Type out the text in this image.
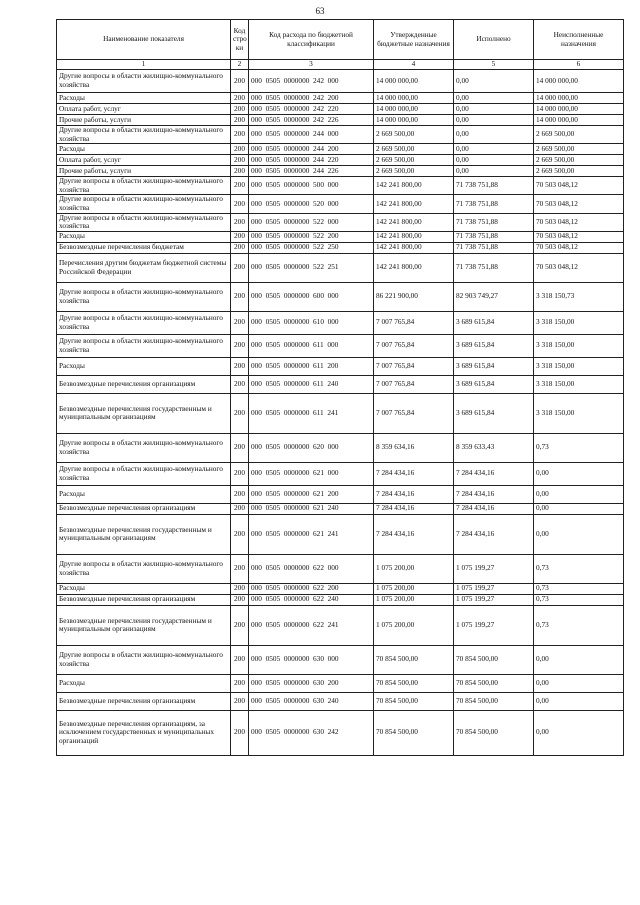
63
Наименование показателя	Код стро ки	Код расхода по бюджетной классификации	Утвержденные бюджетные назначения	Исполнено	Неисполненные назначения
1	2	3	4	5	6
Другие вопросы в области жилищно-коммунального хозяйства	200	000  0505  0000000  242  000	14 000 000,00	0,00	14 000 000,00
Расходы	200	000  0505  0000000  242  200	14 000 000,00	0,00	14 000 000,00
Оплата работ, услуг	200	000  0505  0000000  242  220	14 000 000,00	0,00	14 000 000,00
Прочие работы, услуги	200	000  0505  0000000  242  226	14 000 000,00	0,00	14 000 000,00
Другие вопросы в области жилищно-коммунального хозяйства	200	000  0505  0000000  244  000	2 669 500,00	0,00	2 669 500,00
Расходы	200	000  0505  0000000  244  200	2 669 500,00	0,00	2 669 500,00
Оплата работ, услуг	200	000  0505  0000000  244  220	2 669 500,00	0,00	2 669 500,00
Прочие работы, услуги	200	000  0505  0000000  244  226	2 669 500,00	0,00	2 669 500,00
Другие вопросы в области жилищно-коммунального хозяйства	200	000  0505  0000000  500  000	142 241 800,00	71 738 751,88	70 503 048,12
Другие вопросы в области жилищно-коммунального хозяйства	200	000  0505  0000000  520  000	142 241 800,00	71 738 751,88	70 503 048,12
Другие вопросы в области жилищно-коммунального хозяйства	200	000  0505  0000000  522  000	142 241 800,00	71 738 751,88	70 503 048,12
Расходы	200	000  0505  0000000  522  200	142 241 800,00	71 738 751,88	70 503 048,12
Безвозмездные перечисления бюджетам	200	000  0505  0000000  522  250	142 241 800,00	71 738 751,88	70 503 048,12
Перечисления другим бюджетам бюджетной системы Российской Федерации	200	000  0505  0000000  522  251	142 241 800,00	71 738 751,88	70 503 048,12
Другие вопросы в области жилищно-коммунального хозяйства	200	000  0505  0000000  600  000	86 221 900,00	82 903 749,27	3 318 150,73
Другие вопросы в области жилищно-коммунального хозяйства	200	000  0505  0000000  610  000	7 007 765,84	3 689 615,84	3 318 150,00
Другие вопросы в области жилищно-коммунального хозяйства	200	000  0505  0000000  611  000	7 007 765,84	3 689 615,84	3 318 150,00
Расходы	200	000  0505  0000000  611  200	7 007 765,84	3 689 615,84	3 318 150,00
Безвозмездные перечисления организациям	200	000  0505  0000000  611  240	7 007 765,84	3 689 615,84	3 318 150,00
Безвозмездные перечисления государственным и муниципальным организациям	200	000  0505  0000000  611  241	7 007 765,84	3 689 615,84	3 318 150,00
Другие вопросы в области жилищно-коммунального хозяйства	200	000  0505  0000000  620  000	8 359 634,16	8 359 633,43	0,73
Другие вопросы в области жилищно-коммунального хозяйства	200	000  0505  0000000  621  000	7 284 434,16	7 284 434,16	0,00
Расходы	200	000  0505  0000000  621  200	7 284 434,16	7 284 434,16	0,00
Безвозмездные перечисления организациям	200	000  0505  0000000  621  240	7 284 434,16	7 284 434,16	0,00
Безвозмездные перечисления государственным и муниципальным организациям	200	000  0505  0000000  621  241	7 284 434,16	7 284 434,16	0,00
Другие вопросы в области жилищно-коммунального хозяйства	200	000  0505  0000000  622  000	1 075 200,00	1 075 199,27	0,73
Расходы	200	000  0505  0000000  622  200	1 075 200,00	1 075 199,27	0,73
Безвозмездные перечисления организациям	200	000  0505  0000000  622  240	1 075 200,00	1 075 199,27	0,73
Безвозмездные перечисления государственным и муниципальным организациям	200	000  0505  0000000  622  241	1 075 200,00	1 075 199,27	0,73
Другие вопросы в области жилищно-коммунального хозяйства	200	000  0505  0000000  630  000	70 854 500,00	70 854 500,00	0,00
Расходы	200	000  0505  0000000  630  200	70 854 500,00	70 854 500,00	0,00
Безвозмездные перечисления организациям	200	000  0505  0000000  630  240	70 854 500,00	70 854 500,00	0,00
Безвозмездные перечисления организациям, за исключением государственных и муниципальных организаций	200	000  0505  0000000  630  242	70 854 500,00	70 854 500,00	0,00
